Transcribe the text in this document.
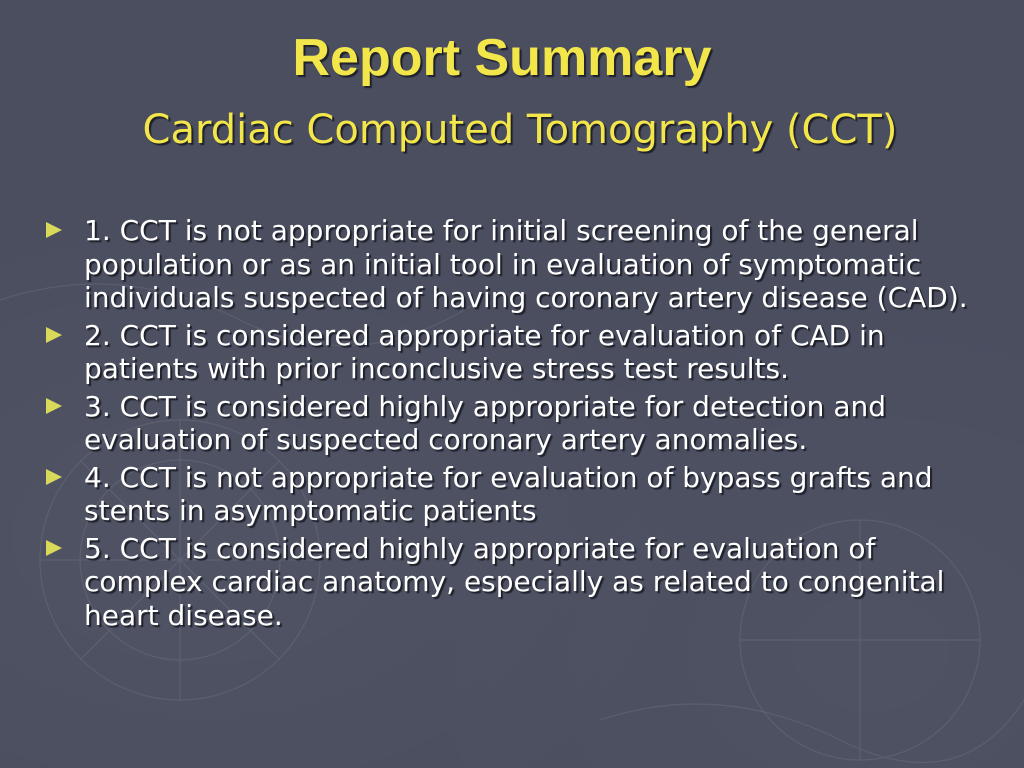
Report Summary
Cardiac Computed Tomography (CCT)
1. CCT is not appropriate for initial screening of the general population or as an initial tool in evaluation of symptomatic individuals suspected of having coronary artery disease (CAD).
2. CCT is considered appropriate for evaluation of CAD in patients with prior inconclusive stress test results.
3. CCT is considered highly appropriate for detection and evaluation of suspected coronary artery anomalies.
4. CCT is not appropriate for evaluation of bypass grafts and stents in asymptomatic patients
5. CCT is considered highly appropriate for evaluation of complex cardiac anatomy, especially as related to congenital heart disease.
